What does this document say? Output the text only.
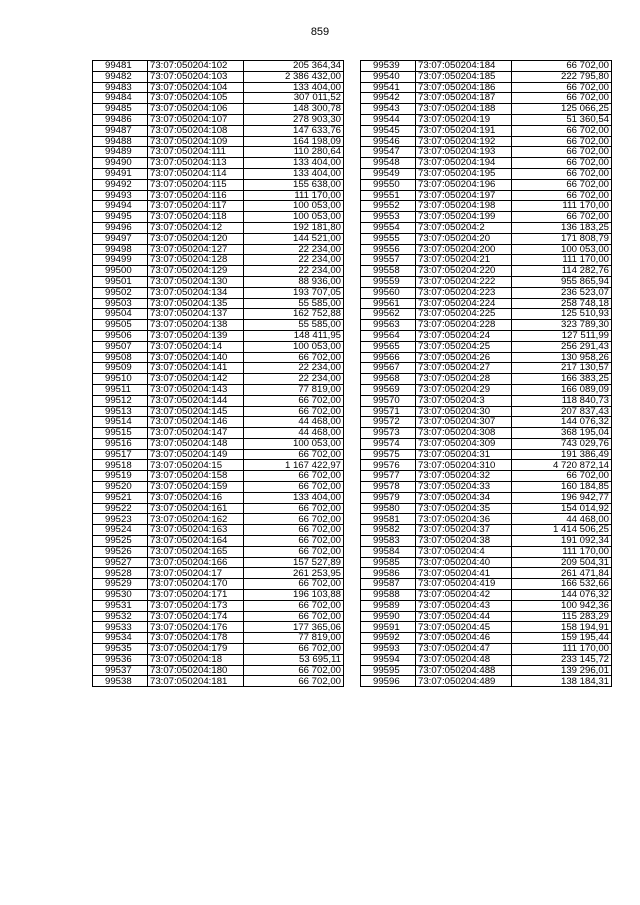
859
99481	73:07:050204:102	205 364,34
99482	73:07:050204:103	2 386 432,00
99483	73:07:050204:104	133 404,00
99484	73:07:050204:105	307 011,52
99485	73:07:050204:106	148 300,78
99486	73:07:050204:107	278 903,30
99487	73:07:050204:108	147 633,76
99488	73:07:050204:109	164 198,09
99489	73:07:050204:111	110 280,64
99490	73:07:050204:113	133 404,00
99491	73:07:050204:114	133 404,00
99492	73:07:050204:115	155 638,00
99493	73:07:050204:116	111 170,00
99494	73:07:050204:117	100 053,00
99495	73:07:050204:118	100 053,00
99496	73:07:050204:12	192 181,80
99497	73:07:050204:120	144 521,00
99498	73:07:050204:127	22 234,00
99499	73:07:050204:128	22 234,00
99500	73:07:050204:129	22 234,00
99501	73:07:050204:130	88 936,00
99502	73:07:050204:134	193 707,05
99503	73:07:050204:135	55 585,00
99504	73:07:050204:137	162 752,88
99505	73:07:050204:138	55 585,00
99506	73:07:050204:139	148 411,95
99507	73:07:050204:14	100 053,00
99508	73:07:050204:140	66 702,00
99509	73:07:050204:141	22 234,00
99510	73:07:050204:142	22 234,00
99511	73:07:050204:143	77 819,00
99512	73:07:050204:144	66 702,00
99513	73:07:050204:145	66 702,00
99514	73:07:050204:146	44 468,00
99515	73:07:050204:147	44 468,00
99516	73:07:050204:148	100 053,00
99517	73:07:050204:149	66 702,00
99518	73:07:050204:15	1 167 422,97
99519	73:07:050204:158	66 702,00
99520	73:07:050204:159	66 702,00
99521	73:07:050204:16	133 404,00
99522	73:07:050204:161	66 702,00
99523	73:07:050204:162	66 702,00
99524	73:07:050204:163	66 702,00
99525	73:07:050204:164	66 702,00
99526	73:07:050204:165	66 702,00
99527	73:07:050204:166	157 527,89
99528	73:07:050204:17	261 253,95
99529	73:07:050204:170	66 702,00
99530	73:07:050204:171	196 103,88
99531	73:07:050204:173	66 702,00
99532	73:07:050204:174	66 702,00
99533	73:07:050204:176	177 365,06
99534	73:07:050204:178	77 819,00
99535	73:07:050204:179	66 702,00
99536	73:07:050204:18	53 695,11
99537	73:07:050204:180	66 702,00
99538	73:07:050204:181	66 702,00
99539	73:07:050204:184	66 702,00
99540	73:07:050204:185	222 795,80
99541	73:07:050204:186	66 702,00
99542	73:07:050204:187	66 702,00
99543	73:07:050204:188	125 066,25
99544	73:07:050204:19	51 360,54
99545	73:07:050204:191	66 702,00
99546	73:07:050204:192	66 702,00
99547	73:07:050204:193	66 702,00
99548	73:07:050204:194	66 702,00
99549	73:07:050204:195	66 702,00
99550	73:07:050204:196	66 702,00
99551	73:07:050204:197	66 702,00
99552	73:07:050204:198	111 170,00
99553	73:07:050204:199	66 702,00
99554	73:07:050204:2	136 183,25
99555	73:07:050204:20	171 808,79
99556	73:07:050204:200	100 053,00
99557	73:07:050204:21	111 170,00
99558	73:07:050204:220	114 282,76
99559	73:07:050204:222	955 865,94
99560	73:07:050204:223	236 523,07
99561	73:07:050204:224	258 748,18
99562	73:07:050204:225	125 510,93
99563	73:07:050204:228	323 789,30
99564	73:07:050204:24	127 511,99
99565	73:07:050204:25	256 291,43
99566	73:07:050204:26	130 958,26
99567	73:07:050204:27	217 130,57
99568	73:07:050204:28	166 383,25
99569	73:07:050204:29	166 089,09
99570	73:07:050204:3	118 840,73
99571	73:07:050204:30	207 837,43
99572	73:07:050204:307	144 076,32
99573	73:07:050204:308	368 195,04
99574	73:07:050204:309	743 029,76
99575	73:07:050204:31	191 386,49
99576	73:07:050204:310	4 720 872,14
99577	73:07:050204:32	66 702,00
99578	73:07:050204:33	160 184,85
99579	73:07:050204:34	196 942,77
99580	73:07:050204:35	154 014,92
99581	73:07:050204:36	44 468,00
99582	73:07:050204:37	1 414 506,25
99583	73:07:050204:38	191 092,34
99584	73:07:050204:4	111 170,00
99585	73:07:050204:40	209 504,31
99586	73:07:050204:41	261 471,84
99587	73:07:050204:419	166 532,66
99588	73:07:050204:42	144 076,32
99589	73:07:050204:43	100 942,36
99590	73:07:050204:44	115 283,29
99591	73:07:050204:45	158 194,91
99592	73:07:050204:46	159 195,44
99593	73:07:050204:47	111 170,00
99594	73:07:050204:48	233 145,72
99595	73:07:050204:488	139 296,01
99596	73:07:050204:489	138 184,31
